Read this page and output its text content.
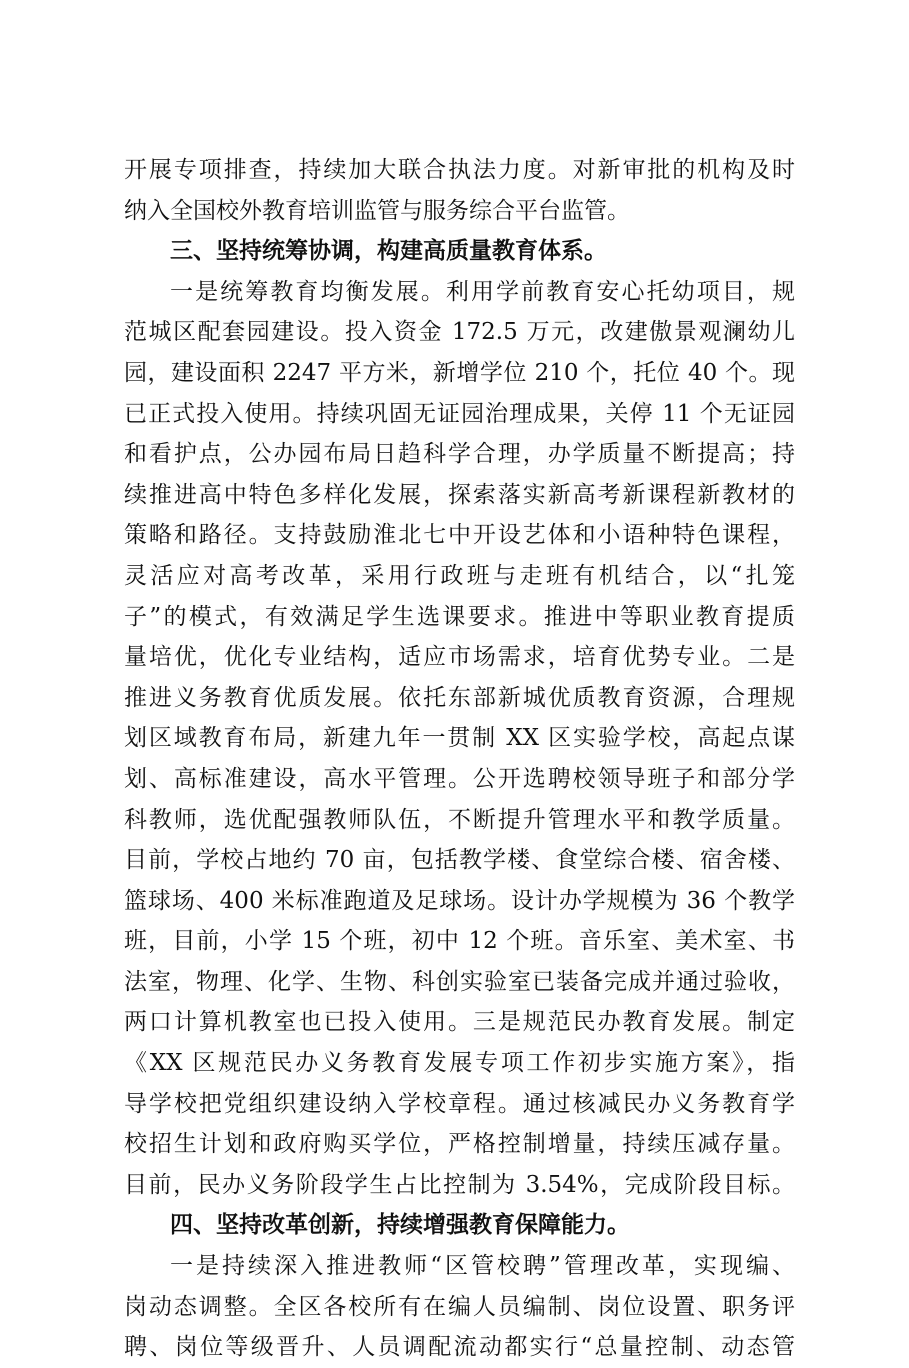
开展专项排查，持续加大联合执法力度。对新审批的机构及时
纳入全国校外教育培训监管与服务综合平台监管。
三、坚持统筹协调，构建高质量教育体系。
一是统筹教育均衡发展。利用学前教育安心托幼项目，规
范城区配套园建设。投入资金 172.5 万元，改建傲景观澜幼儿
园，建设面积 2247 平方米，新增学位 210 个，托位 40 个。现
已正式投入使用。持续巩固无证园治理成果，关停 11 个无证园
和看护点，公办园布局日趋科学合理，办学质量不断提高；持
续推进高中特色多样化发展，探索落实新高考新课程新教材的
策略和路径。支持鼓励淮北七中开设艺体和小语种特色课程，
灵活应对高考改革，采用行政班与走班有机结合，以“扎笼
子”的模式，有效满足学生选课要求。推进中等职业教育提质
量培优，优化专业结构，适应市场需求，培育优势专业。二是
推进义务教育优质发展。依托东部新城优质教育资源，合理规
划区域教育布局，新建九年一贯制 XX 区实验学校，高起点谋
划、高标准建设，高水平管理。公开选聘校领导班子和部分学
科教师，选优配强教师队伍，不断提升管理水平和教学质量。
目前，学校占地约 70 亩，包括教学楼、食堂综合楼、宿舍楼、
篮球场、400 米标准跑道及足球场。设计办学规模为 36 个教学
班，目前，小学 15 个班，初中 12 个班。音乐室、美术室、书
法室，物理、化学、生物、科创实验室已装备完成并通过验收，
两口计算机教室也已投入使用。三是规范民办教育发展。制定
《XX 区规范民办义务教育发展专项工作初步实施方案》，指
导学校把党组织建设纳入学校章程。通过核减民办义务教育学
校招生计划和政府购买学位，严格控制增量，持续压减存量。
目前，民办义务阶段学生占比控制为 3.54%，完成阶段目标。
四、坚持改革创新，持续增强教育保障能力。
一是持续深入推进教师“区管校聘”管理改革，实现编、
岗动态调整。全区各校所有在编人员编制、岗位设置、职务评
聘、岗位等级晋升、人员调配流动都实行“总量控制、动态管
